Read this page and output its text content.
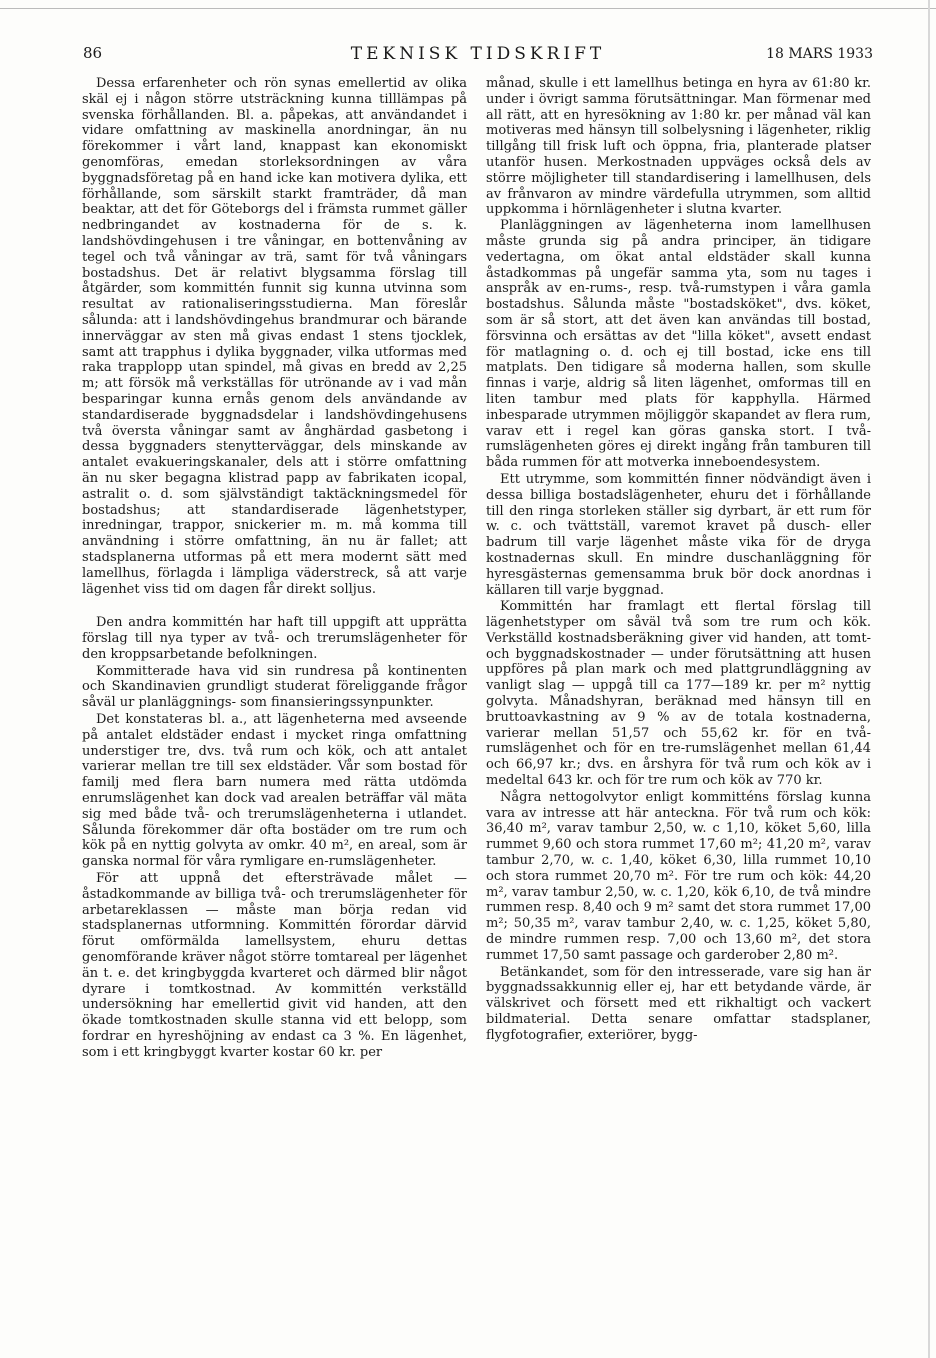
86	TEKNISK TIDSKRIFT	18 MARS 1933

Dessa erfarenheter och rön synas emellertid av olika skäl ej i någon större utsträckning kunna tilllämpas på svenska förhållanden. Bl. a. påpekas, att användandet i vidare omfattning av maskinella anordningar, än nu förekommer i vårt land, knappast kan ekonomiskt genomföras, emedan storleksordningen av våra byggnadsföretag på en hand icke kan motivera dylika, ett förhållande, som särskilt starkt framträder, då man beaktar, att det för Göteborgs del i främsta rummet gäller nedbringandet av kostnaderna för de s. k. landshövdingehusen i tre våningar, en bottenvåning av tegel och två våningar av trä, samt för två våningars bostadshus. Det är relativt blygsamma förslag till åtgärder, som kommittén funnit sig kunna utvinna som resultat av rationaliseringsstudierna. Man föreslår sålunda: att i landshövdingehus brandmurar och bärande innerväggar av sten må givas endast 1 stens tjocklek, samt att trapphus i dylika byggnader, vilka utformas med raka trapplopp utan spindel, må givas en bredd av 2,25 m; att försök må verkställas för utrönande av i vad mån besparingar kunna ernås genom dels användande av standardiserade byggnadsdelar i landshövdingehusens två översta våningar samt av ånghärdad gasbetong i dessa byggnaders stenytterväggar, dels minskande av antalet evakueringskanaler, dels att i större omfattning än nu sker begagna klistrad papp av fabrikaten icopal, astralit o. d. som självständigt taktäckningsmedel för bostadshus; att standardiserade lägenhetstyper, inredningar, trappor, snickerier m. m. må komma till användning i större omfattning, än nu är fallet; att stadsplanerna utformas på ett mera modernt sätt med lamellhus, förlagda i lämpliga väderstreck, så att varje lägenhet viss tid om dagen får direkt solljus.

Den andra kommittén har haft till uppgift att upprätta förslag till nya typer av två- och trerumslägenheter för den kroppsarbetande befolkningen.

Kommitterade hava vid sin rundresa på kontinenten och Skandinavien grundligt studerat föreliggande frågor såväl ur planläggnings- som finansieringssynpunkter.

Det konstateras bl. a., att lägenheterna med avseende på antalet eldstäder endast i mycket ringa omfattning understiger tre, dvs. två rum och kök, och att antalet varierar mellan tre till sex eldstäder. Vår som bostad för familj med flera barn numera med rätta utdömda enrumslägenhet kan dock vad arealen beträffar väl mäta sig med både två- och trerumslägenheterna i utlandet. Sålunda förekommer där ofta bostäder om tre rum och kök på en nyttig golvyta av omkr. 40 m², en areal, som är ganska normal för våra rymligare en-rumslägenheter.

För att uppnå det eftersträvade målet — åstadkommande av billiga två- och trerumslägenheter för arbetareklassen — måste man börja redan vid stadsplanernas utformning. Kommittén förordar därvid förut omförmälda lamellsystem, ehuru dettas genomförande kräver något större tomtareal per lägenhet än t. e. det kringbyggda kvarteret och därmed blir något dyrare i tomtkostnad. Av kommittén verkställd undersökning har emellertid givit vid handen, att den ökade tomtkostnaden skulle stanna vid ett belopp, som fordrar en hyreshöjning av endast ca 3 %. En lägenhet, som i ett kringbyggt kvarter kostar 60 kr. per

månad, skulle i ett lamellhus betinga en hyra av 61:80 kr. under i övrigt samma förutsättningar. Man förmenar med all rätt, att en hyresökning av 1:80 kr. per månad väl kan motiveras med hänsyn till solbelysning i lägenheter, riklig tillgång till frisk luft och öppna, fria, planterade platser utanför husen. Merkostnaden uppväges också dels av större möjligheter till standardisering i lamellhusen, dels av frånvaron av mindre värdefulla utrymmen, som alltid uppkomma i hörnlägenheter i slutna kvarter.

Planläggningen av lägenheterna inom lamellhusen måste grunda sig på andra principer, än tidigare vedertagna, om ökat antal eldstäder skall kunna åstadkommas på ungefär samma yta, som nu tages i anspråk av en-rums-, resp. två-rumstypen i våra gamla bostadshus. Sålunda måste "bostadsköket", dvs. köket, som är så stort, att det även kan användas till bostad, försvinna och ersättas av det "lilla köket", avsett endast för matlagning o. d. och ej till bostad, icke ens till matplats. Den tidigare så moderna hallen, som skulle finnas i varje, aldrig så liten lägenhet, omformas till en liten tambur med plats för kapphylla. Härmed inbesparade utrymmen möjliggör skapandet av flera rum, varav ett i regel kan göras ganska stort. I två-rumslägenheten göres ej direkt ingång från tamburen till båda rummen för att motverka inneboendesystem.

Ett utrymme, som kommittén finner nödvändigt även i dessa billiga bostadslägenheter, ehuru det i förhållande till den ringa storleken ställer sig dyrbart, är ett rum för w. c. och tvättställ, varemot kravet på dusch- eller badrum till varje lägenhet måste vika för de dryga kostnadernas skull. En mindre duschanläggning för hyresgästernas gemensamma bruk bör dock anordnas i källaren till varje byggnad.

Kommittén har framlagt ett flertal förslag till lägenhetstyper om såväl två som tre rum och kök. Verkställd kostnadsberäkning giver vid handen, att tomt- och byggnadskostnader — under förutsättning att husen uppföres på plan mark och med plattgrundläggning av vanligt slag — uppgå till ca 177—189 kr. per m² nyttig golvyta. Månadshyran, beräknad med hänsyn till en bruttoavkastning av 9 % av de totala kostnaderna, varierar mellan 51,57 och 55,62 kr. för en två-rumslägenhet och för en tre-rumslägenhet mellan 61,44 och 66,97 kr.; dvs. en årshyra för två rum och kök av i medeltal 643 kr. och för tre rum och kök av 770 kr.

Några nettogolvytor enligt kommitténs förslag kunna vara av intresse att här anteckna. För två rum och kök: 36,40 m², varav tambur 2,50, w. c 1,10, köket 5,60, lilla rummet 9,60 och stora rummet 17,60 m²; 41,20 m², varav tambur 2,70, w. c. 1,40, köket 6,30, lilla rummet 10,10 och stora rummet 20,70 m². För tre rum och kök: 44,20 m², varav tambur 2,50, w. c. 1,20, kök 6,10, de två mindre rummen resp. 8,40 och 9 m² samt det stora rummet 17,00 m²; 50,35 m², varav tambur 2,40, w. c. 1,25, köket 5,80, de mindre rummen resp. 7,00 och 13,60 m², det stora rummet 17,50 samt passage och garderober 2,80 m².

Betänkandet, som för den intresserade, vare sig han är byggnadssakkunnig eller ej, har ett betydande värde, är välskrivet och försett med ett rikhaltigt och vackert bildmaterial. Detta senare omfattar stadsplaner, flygfotografier, exteriörer, bygg-
